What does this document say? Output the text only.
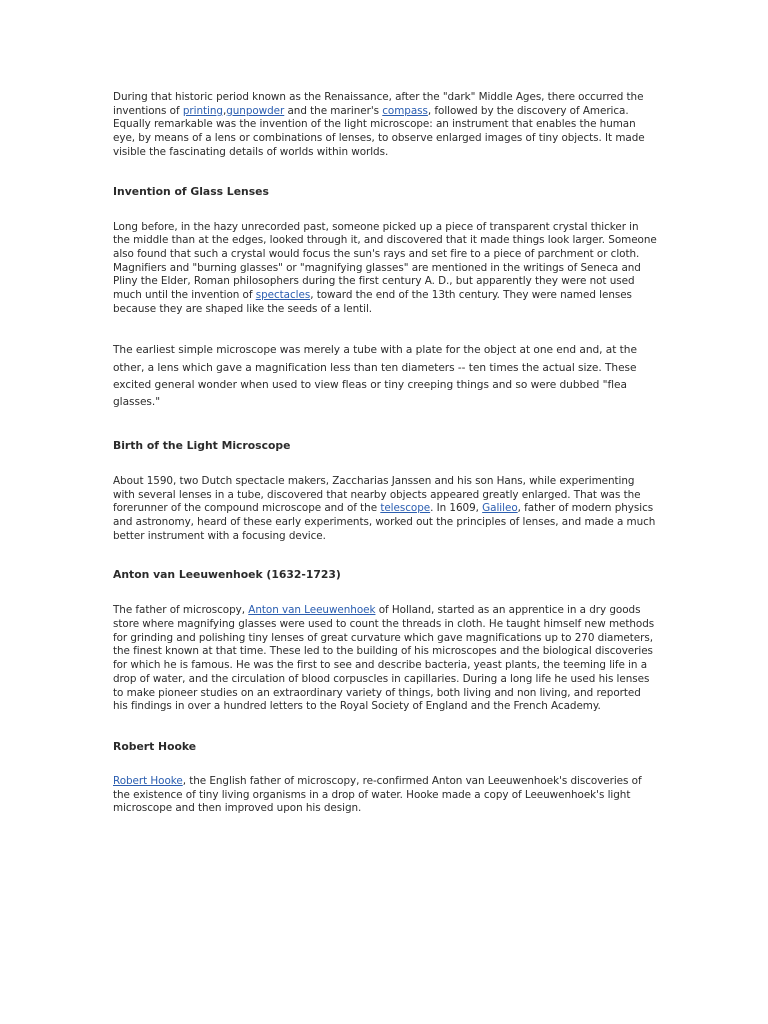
During that historic period known as the Renaissance, after the "dark" Middle Ages, there occurred the inventions of printing,gunpowder and the mariner's compass, followed by the discovery of America. Equally remarkable was the invention of the light microscope: an instrument that enables the human eye, by means of a lens or combinations of lenses, to observe enlarged images of tiny objects. It made visible the fascinating details of worlds within worlds.

Invention of Glass Lenses

Long before, in the hazy unrecorded past, someone picked up a piece of transparent crystal thicker in the middle than at the edges, looked through it, and discovered that it made things look larger. Someone also found that such a crystal would focus the sun's rays and set fire to a piece of parchment or cloth. Magnifiers and "burning glasses" or "magnifying glasses" are mentioned in the writings of Seneca and Pliny the Elder, Roman philosophers during the first century A. D., but apparently they were not used much until the invention of spectacles, toward the end of the 13th century. They were named lenses because they are shaped like the seeds of a lentil.

The earliest simple microscope was merely a tube with a plate for the object at one end and, at the other, a lens which gave a magnification less than ten diameters -- ten times the actual size. These excited general wonder when used to view fleas or tiny creeping things and so were dubbed "flea glasses."

Birth of the Light Microscope

About 1590, two Dutch spectacle makers, Zaccharias Janssen and his son Hans, while experimenting with several lenses in a tube, discovered that nearby objects appeared greatly enlarged. That was the forerunner of the compound microscope and of the telescope. In 1609, Galileo, father of modern physics and astronomy, heard of these early experiments, worked out the principles of lenses, and made a much better instrument with a focusing device.

Anton van Leeuwenhoek (1632-1723)

The father of microscopy, Anton van Leeuwenhoek of Holland, started as an apprentice in a dry goods store where magnifying glasses were used to count the threads in cloth. He taught himself new methods for grinding and polishing tiny lenses of great curvature which gave magnifications up to 270 diameters, the finest known at that time. These led to the building of his microscopes and the biological discoveries for which he is famous. He was the first to see and describe bacteria, yeast plants, the teeming life in a drop of water, and the circulation of blood corpuscles in capillaries. During a long life he used his lenses to make pioneer studies on an extraordinary variety of things, both living and non living, and reported his findings in over a hundred letters to the Royal Society of England and the French Academy.

Robert Hooke

Robert Hooke, the English father of microscopy, re-confirmed Anton van Leeuwenhoek's discoveries of the existence of tiny living organisms in a drop of water. Hooke made a copy of Leeuwenhoek's light microscope and then improved upon his design.
